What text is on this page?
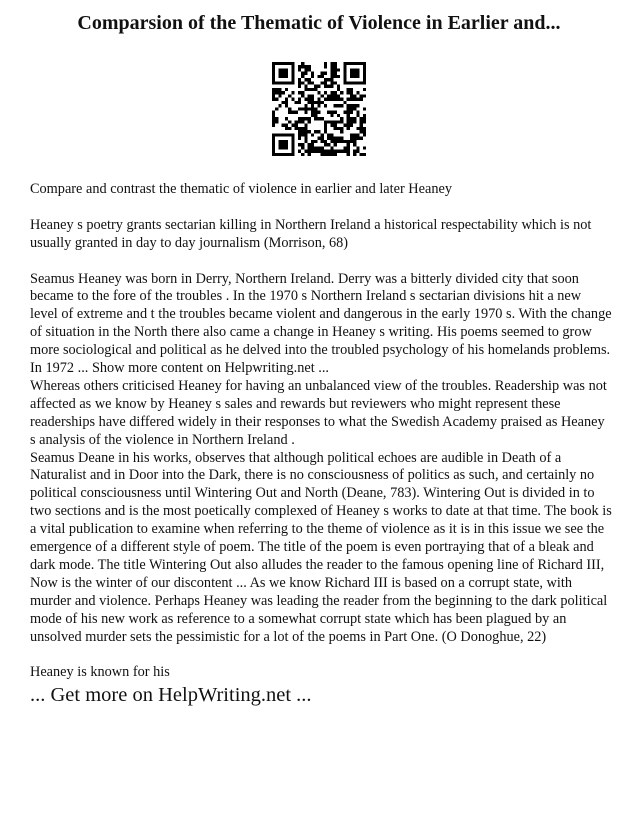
Comparsion of the Thematic of Violence in Earlier and...

Compare and contrast the thematic of violence in earlier and later Heaney

Heaney s poetry grants sectarian killing in Northern Ireland a historical respectability which is not usually granted in day to day journalism (Morrison, 68)

Seamus Heaney was born in Derry, Northern Ireland. Derry was a bitterly divided city that soon became to the fore of the troubles . In the 1970 s Northern Ireland s sectarian divisions hit a new level of extreme and t the troubles became violent and dangerous in the early 1970 s. With the change of situation in the North there also came a change in Heaney s writing. His poems seemed to grow more sociological and political as he delved into the troubled psychology of his homelands problems. In 1972 ... Show more content on Helpwriting.net ...

Whereas others criticised Heaney for having an unbalanced view of the troubles. Readership was not affected as we know by Heaney s sales and rewards but reviewers who might represent these readerships have differed widely in their responses to what the Swedish Academy praised as Heaney s analysis of the violence in Northern Ireland .

Seamus Deane in his works, observes that although political echoes are audible in Death of a Naturalist and in Door into the Dark, there is no consciousness of politics as such, and certainly no political consciousness until Wintering Out and North (Deane, 783). Wintering Out is divided in to two sections and is the most poetically complexed of Heaney s works to date at that time. The book is a vital publication to examine when referring to the theme of violence as it is in this issue we see the emergence of a different style of poem. The title of the poem is even portraying that of a bleak and dark mode. The title Wintering Out also alludes the reader to the famous opening line of Richard III, Now is the winter of our discontent ... As we know Richard III is based on a corrupt state, with murder and violence. Perhaps Heaney was leading the reader from the beginning to the dark political mode of his new work as reference to a somewhat corrupt state which has been plagued by an unsolved murder sets the pessimistic for a lot of the poems in Part One. (O Donoghue, 22)

Heaney is known for his

... Get more on HelpWriting.net ...
